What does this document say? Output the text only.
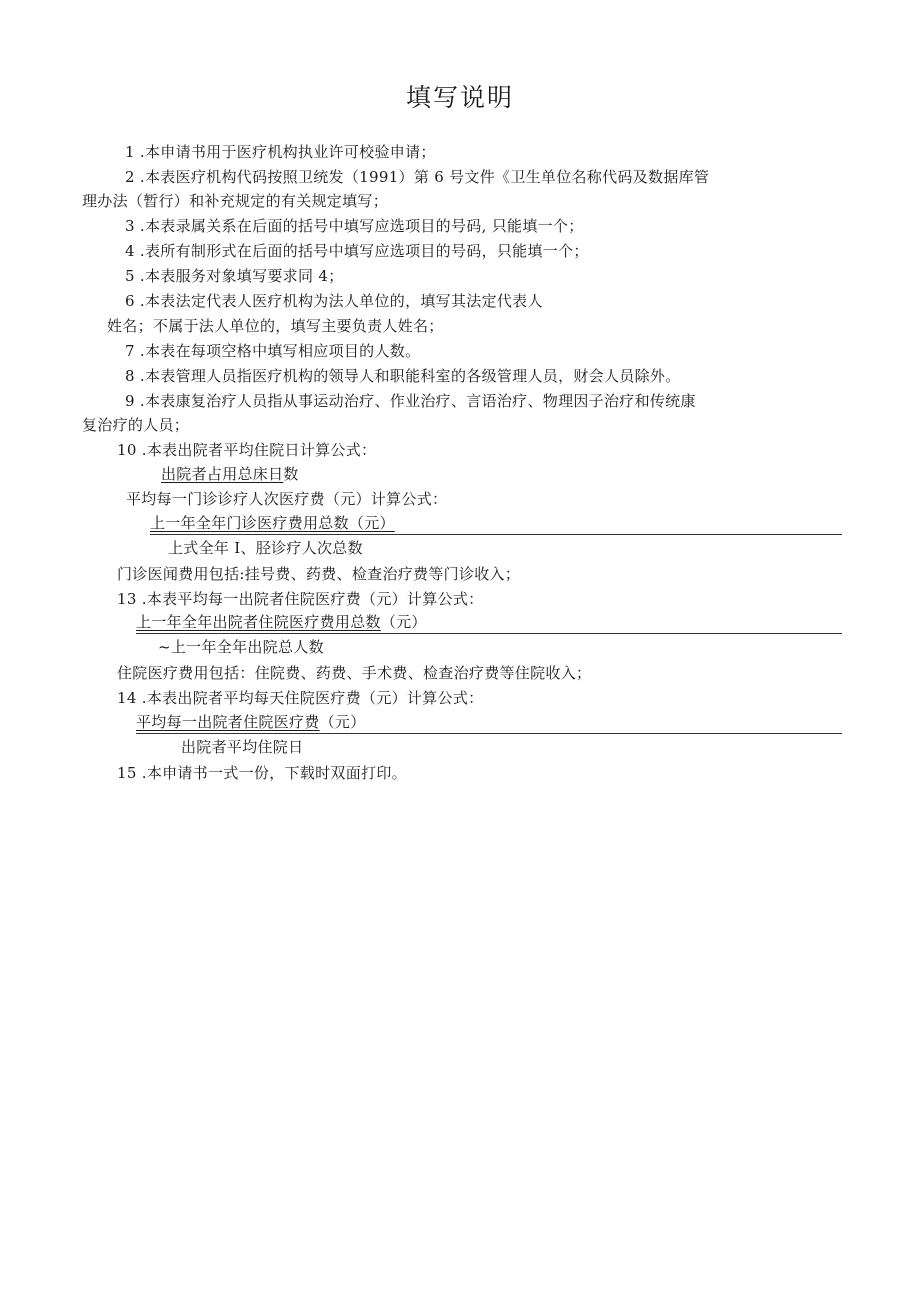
填写说明
1 .本申请书用于医疗机构执业许可校验申请；
2 .本表医疗机构代码按照卫统发（1991）第 6 号文件《卫生单位名称代码及数据库管
理办法（暂行）和补充规定的有关规定填写；
3 .本表录属关系在后面的括号中填写应选项目的号码, 只能填一个；
4 .表所有制形式在后面的括号中填写应选项目的号码，只能填一个；
5 .本表服务对象填写要求同 4；
6 .本表法定代表人医疗机构为法人单位的，填写其法定代表人
姓名；不属于法人单位的，填写主要负责人姓名；
7 .本表在每项空格中填写相应项目的人数。
8 .本表管理人员指医疗机构的领导人和职能科室的各级管理人员，财会人员除外。
9 .本表康复治疗人员指从事运动治疗、作业治疗、言语治疗、物理因子治疗和传统康
复治疗的人员；
10 .本表出院者平均住院日计算公式：
出院者占用总床日数
平均每一门诊诊疗人次医疗费（元）计算公式：
上一年全年门诊医疗费用总数（元）
上式全年 I、胫诊疗人次总数
门诊医闻费用包括:挂号费、药费、检查治疗费等门诊收入；
13 .本表平均每一出院者住院医疗费（元）计算公式：
上一年全年出院者住院医疗费用总数（元）
~上一年全年出院总人数
住院医疗费用包括：住院费、药费、手术费、检查治疗费等住院收入；
14 .本表出院者平均每天住院医疗费（元）计算公式：
平均每一出院者住院医疗费（元）
出院者平均住院日
15 .本申请书一式一份，下载时双面打印。
